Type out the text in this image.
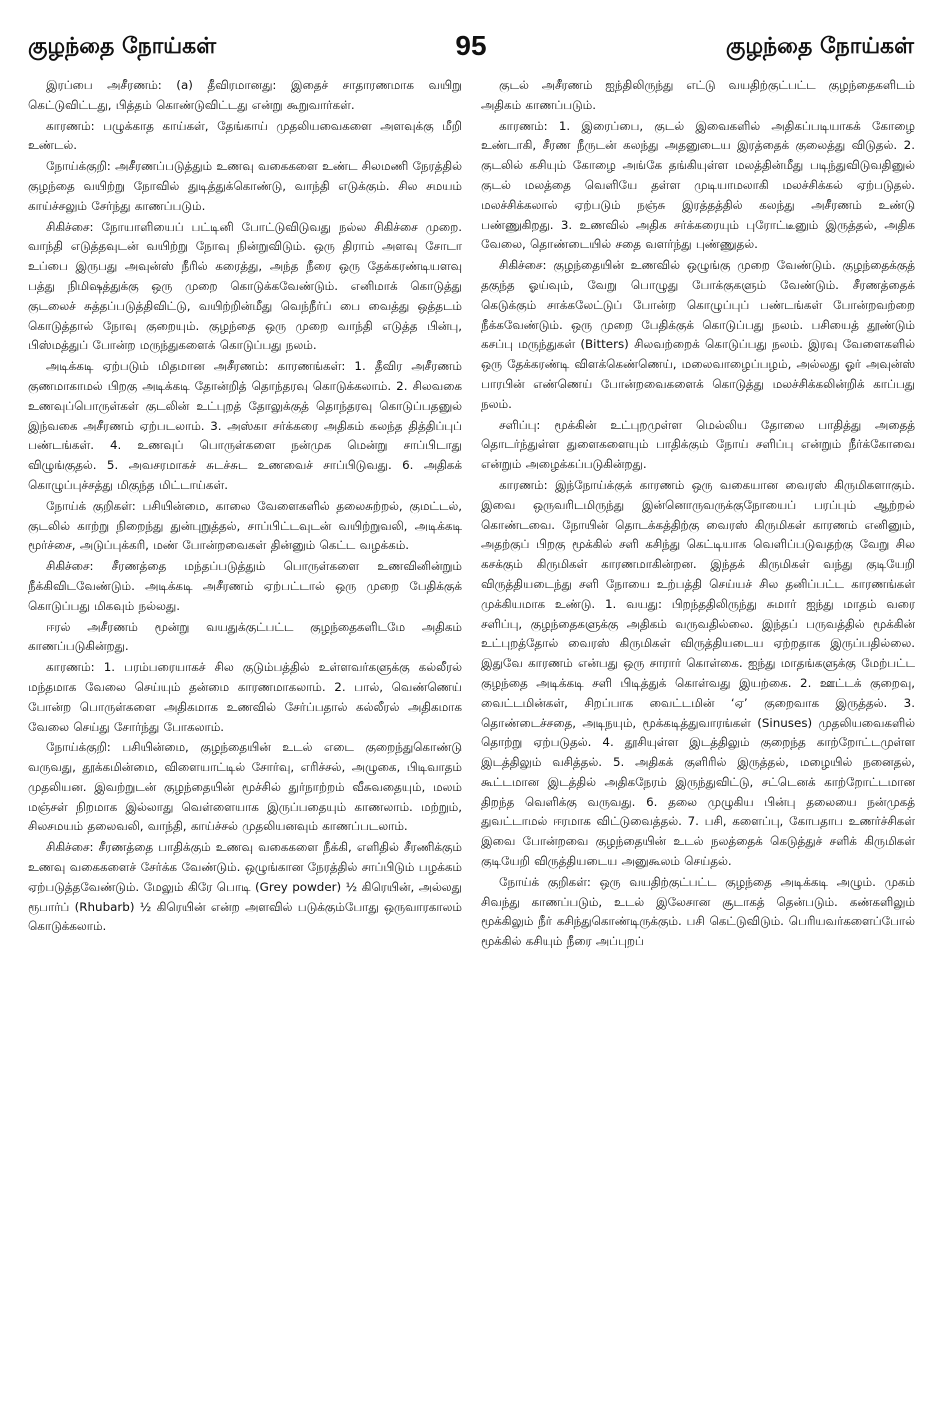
குழந்தை நோய்கள்	95	குழந்தை நோய்கள்

இரப்பை அசீரணம்: (a) தீவிரமானது: இதைச் சாதாரணமாக வயிறு கெட்டுவிட்டது, பித்தம் கொண்டுவிட்டது என்று கூறுவார்கள்.

காரணம்: பழுக்காத காய்கள், தேங்காய் முதலியவைகளை அளவுக்கு மீறி உண்டல்.

நோய்க்குறி: அசீரணப்படுத்தும் உணவு வகைகளை உண்ட சிலமணி நேரத்தில் குழந்தை வயிற்று நோவில் துடித்துக்கொண்டு, வாந்தி எடுக்கும். சில சமயம் காய்ச்சலும் சேர்ந்து காணப்படும்.

சிகிச்சை: நோயாளியைப் பட்டினி போட்டுவிடுவது நல்ல சிகிச்சை முறை. வாந்தி எடுத்தவுடன் வயிற்று நோவு நின்றுவிடும். ஒரு திராம் அளவு சோடா உப்பை இருபது அவுன்ஸ் நீரில் கரைத்து, அந்த நீரை ஒரு தேக்கரண்டியளவு பத்து நிமிஷத்துக்கு ஒரு முறை கொடுக்கவேண்டும். எனிமாக் கொடுத்து குடலைச் சுத்தப்படுத்திவிட்டு, வயிற்றின்மீது வெந்நீர்ப் பை வைத்து ஒத்தடம் கொடுத்தால் நோவு குறையும். குழந்தை ஒரு முறை வாந்தி எடுத்த பின்பு, பிஸ்மத்துப் போன்ற மருந்துகளைக் கொடுப்பது நலம்.

அடிக்கடி ஏற்படும் மிதமான அசீரணம்: காரணங்கள்: 1. தீவிர அசீரணம் குணமாகாமல் பிறகு அடிக்கடி தோன்றித் தொந்தரவு கொடுக்கலாம். 2. சிலவகை உணவுப்பொருள்கள் குடலின் உட்புறத் தோலுக்குத் தொந்தரவு கொடுப்பதனுல் இந்வகை அசீரணம் ஏற்படலாம். 3. அஸ்கா சர்க்கரை அதிகம் கலந்த தித்திப்புப் பண்டங்கள். 4. உணவுப் பொருள்களை நன்முக மென்று சாப்பிடாது விழுங்குதல். 5. அவசரமாகச் சுடச்சுட உணவைச் சாப்பிடுவது. 6. அதிகக் கொழுப்புச்சத்து மிகுந்த மிட்டாய்கள்.

நோய்க் குறிகள்: பசியின்மை, காலை வேளைகளில் தலைசுற்றல், குமட்டல், குடலில் காற்று நிறைந்து துன்புறுத்தல், சாப்பிட்டவுடன் வயிற்றுவலி, அடிக்கடி மூர்ச்சை, அடுப்புக்கரி, மண் போன்றவைகள் தின்னும் கெட்ட வழக்கம்.

சிகிச்சை: சீரணத்தை மந்தப்படுத்தும் பொருள்களை உணவினின்றும் நீக்கிவிடவேண்டும். அடிக்கடி அசீரணம் ஏற்பட்டால் ஒரு முறை பேதிக்குக் கொடுப்பது மிகவும் நல்லது.

ஈரல் அசீரணம் மூன்று வயதுக்குட்பட்ட குழந்தைகளிடமே அதிகம் காணப்படுகின்றது.

காரணம்: 1. பரம்பரையாகச் சில குடும்பத்தில் உள்ளவர்களுக்கு கல்லீரல் மந்தமாக வேலை செய்யும் தன்மை காரணமாகலாம். 2. பால், வெண்ணெய் போன்ற பொருள்களை அதிகமாக உணவில் சேர்ப்பதால் கல்லீரல் அதிகமாக வேலை செய்து சோர்ந்து போகலாம்.

நோய்க்குறி: பசியின்மை, குழந்தையின் உடல் எடை குறைந்துகொண்டு வருவது, தூக்கமின்மை, விளையாட்டில் சோர்வு, எரிச்சல், அழுகை, பிடிவாதம் முதலியன. இவற்றுடன் குழந்தையின் மூச்சில் துர்நாற்றம் வீசுவதையும், மலம் மஞ்சள் நிறமாக இல்லாது வெள்ளையாக இருப்பதையும் காணலாம். மற்றும், சிலசமயம் தலைவலி, வாந்தி, காய்ச்சல் முதலியனவும் காணப்படலாம்.

சிகிச்சை: சீரணத்தை பாதிக்கும் உணவு வகைகளை நீக்கி, எளிதில் சீரணிக்கும் உணவு வகைகளைச் சேர்க்க வேண்டும். ஒழுங்கான நேரத்தில் சாப்பிடும் பழக்கம் ஏற்படுத்தவேண்டும். மேலும் கிரே பொடி (Grey powder) ½ கிரெயின், அல்லது ரூபார்ப் (Rhubarb) ½ கிரெயின் என்ற அளவில் படுக்கும்போது ஒருவாரகாலம் கொடுக்கலாம்.

குடல் அசீரணம் ஐந்திலிருந்து எட்டு வயதிற்குட்பட்ட குழந்தைகளிடம் அதிகம் காணப்படும்.

காரணம்: 1. இரைப்பை, குடல் இவைகளில் அதிகப்படியாகக் கோழை உண்டாகி, சீரண நீருடன் கலந்து அதனுடைய இரத்தைக் குலைத்து விடுதல். 2. குடலில் கசியும் கோழை அங்கே தங்கியுள்ள மலத்தின்மீது படிந்துவிடுவதினுல் குடல் மலத்தை வெளியே தள்ள முடியாமலாகி மலச்சிக்கல் ஏற்படுதல். மலச்சிக்கலால் ஏற்படும் நஞ்சு இரத்தத்தில் கலந்து அசீரணம் உண்டு பண்ணுகிறது. 3. உணவில் அதிக சர்க்கரையும் புரோட்டீனும் இருத்தல், அதிக வேலை, தொண்டையில் சதை வளர்ந்து புண்ணுதல்.

சிகிச்சை: குழந்தையின் உணவில் ஒழுங்கு முறை வேண்டும். குழந்தைக்குத் தகுந்த ஓய்வும், வேறு பொழுது போக்குகளும் வேண்டும். சீரணத்தைக் கெடுக்கும் சாக்கலேட்டுப் போன்ற கொழுப்புப் பண்டங்கள் போன்றவற்றை நீக்கவேண்டும். ஒரு முறை பேதிக்குக் கொடுப்பது நலம். பசியைத் தூண்டும் கசப்பு மருந்துகள் (Bitters) சிலவற்றைக் கொடுப்பது நலம். இரவு வேளைகளில் ஒரு தேக்கரண்டி விளக்கெண்ணெய், மலைவாழைப்பழம், அல்லது ஓர் அவுன்ஸ் பாரபின் எண்ணெய் போன்றவைகளைக் கொடுத்து மலச்சிக்கலின்றிக் காப்பது நலம்.

சளிப்பு: மூக்கின் உட்புறமுள்ள மெல்லிய தோலை பாதித்து அதைத் தொடர்ந்துள்ள துளைகளையும் பாதிக்கும் நோய் சளிப்பு என்றும் நீர்க்கோவை என்றும் அழைக்கப்படுகின்றது.

காரணம்: இந்நோய்க்குக் காரணம் ஒரு வகையான வைரஸ் கிருமிகளாகும். இவை ஒருவரிடமிருந்து இன்னொருவருக்குநோயைப் பரப்பும் ஆற்றல் கொண்டவை. நோயின் தொடக்கத்திற்கு வைரஸ் கிருமிகள் காரணம் எனினும், அதற்குப் பிறகு மூக்கில் சளி கசிந்து கெட்டியாக வெளிப்படுவதற்கு வேறு சில கசக்கும் கிருமிகள் காரணமாகின்றன. இந்தக் கிருமிகள் வந்து குடியேறி விருத்தியடைந்து சளி நோயை உற்பத்தி செய்யச் சில தனிப்பட்ட காரணங்கள் முக்கியமாக உண்டு. 1. வயது: பிறந்ததிலிருந்து சுமார் ஐந்து மாதம் வரை சளிப்பு, குழந்தைகளுக்கு அதிகம் வருவதில்லை. இந்தப் பருவத்தில் மூக்கின் உட்புறத்தோல் வைரஸ் கிருமிகள் விருத்தியடைய ஏற்றதாக இருப்பதில்லை. இதுவே காரணம் என்பது ஒரு சாரார் கொள்கை. ஐந்து மாதங்களுக்கு மேற்பட்ட குழந்தை அடிக்கடி சளி பிடித்துக் கொள்வது இயற்கை. 2. ஊட்டக் குறைவு, வைட்டமின்கள், சிறப்பாக வைட்டமின் ‘ஏ’ குறைவாக இருத்தல். 3. தொண்டைச்சதை, அடிநயும், மூக்கடித்துவாரங்கள் (Sinuses) முதலியவைகளில் தொற்று ஏற்படுதல். 4. தூசியுள்ள இடத்திலும் குறைந்த காற்றோட்டமுள்ள இடத்திலும் வசித்தல். 5. அதிகக் குளிரில் இருத்தல், மழையில் நனைதல், கூட்டமான இடத்தில் அதிகநேரம் இருந்துவிட்டு, சட்டெனக் காற்றோட்டமான திறந்த வெளிக்கு வருவது. 6. தலை முழுகிய பின்பு தலையை நன்முகத் துவட்டாமல் ஈரமாக விட்டுவைத்தல். 7. பசி, களைப்பு, கோபதாப உணர்ச்சிகள் இவை போன்றவை குழந்தையின் உடல் நலத்தைக் கெடுத்துச் சளிக் கிருமிகள் குடியேறி விருத்தியடைய அனுகூலம் செய்தல்.

நோய்க் குறிகள்: ஒரு வயதிற்குட்பட்ட குழந்தை அடிக்கடி அழும். முகம் சிவந்து காணப்படும், உடல் இலேசான சூடாகத் தென்படும். கண்களிலும் மூக்கிலும் நீர் கசிந்துகொண்டிருக்கும். பசி கெட்டுவிடும். பெரியவர்களைப்போல் மூக்கில் கசியும் நீரை அப்புறப்
